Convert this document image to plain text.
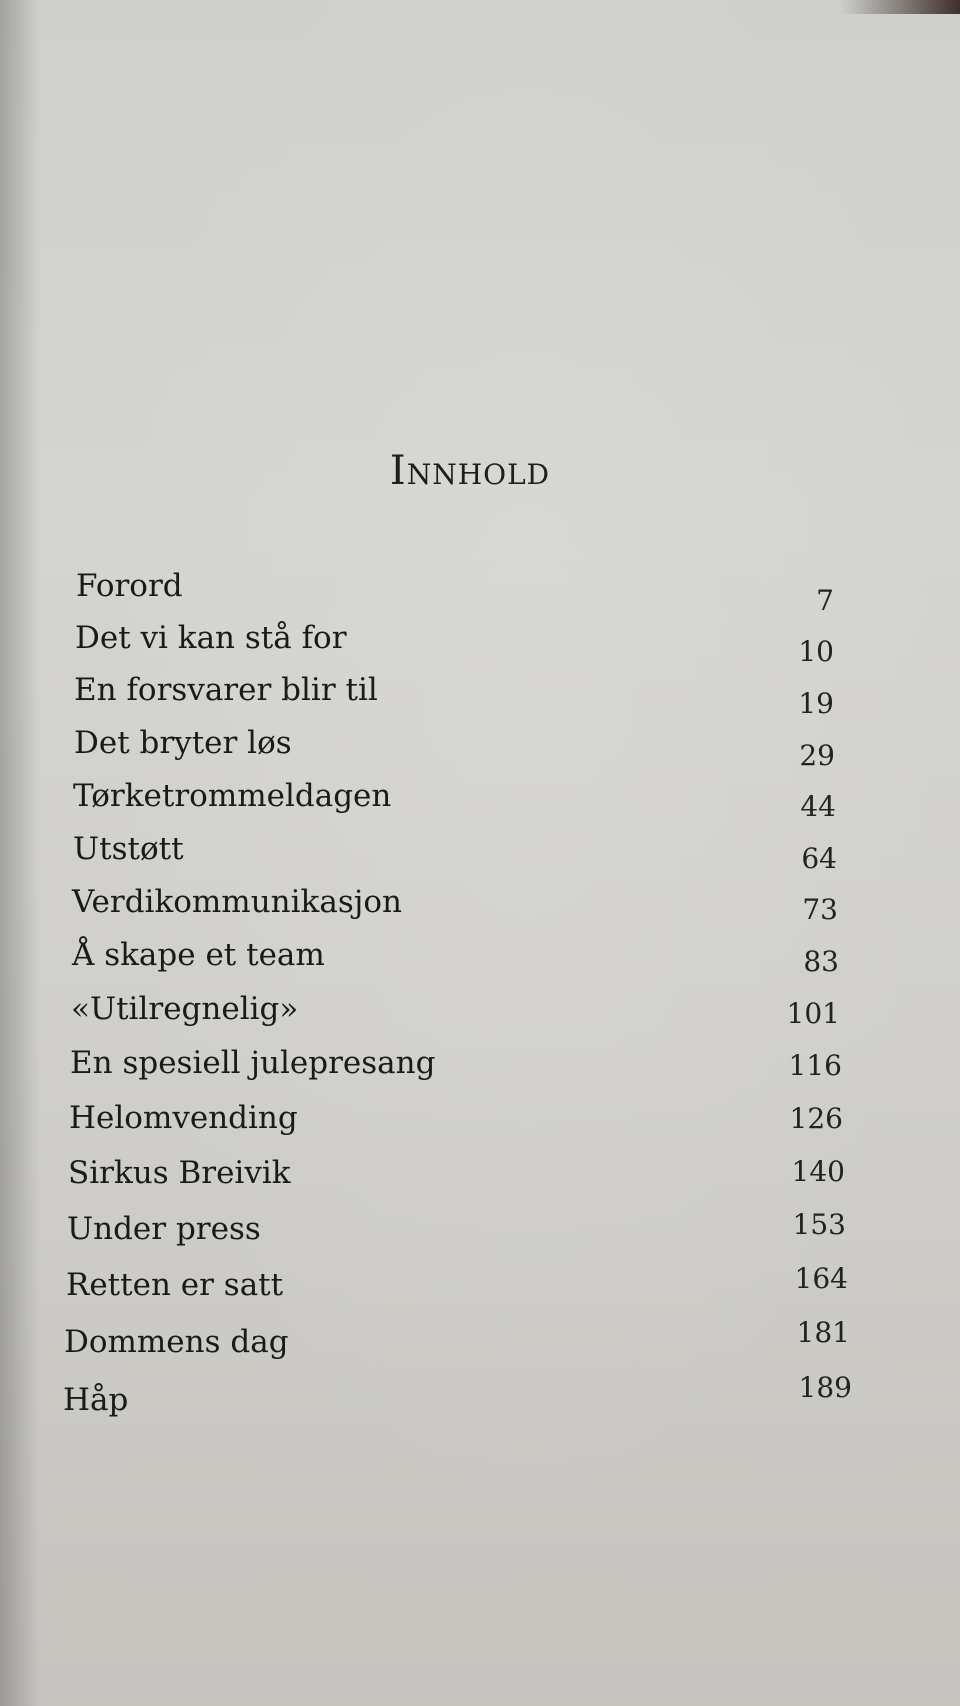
Innhold
Forord	7
Det vi kan stå for	10
En forsvarer blir til	19
Det bryter løs	29
Tørketrommeldagen	44
Utstøtt	64
Verdikommunikasjon	73
Å skape et team	83
«Utilregnelig»	101
En spesiell julepresang	116
Helomvending	126
Sirkus Breivik	140
Under press	153
Retten er satt	164
Dommens dag	181
Håp	189
